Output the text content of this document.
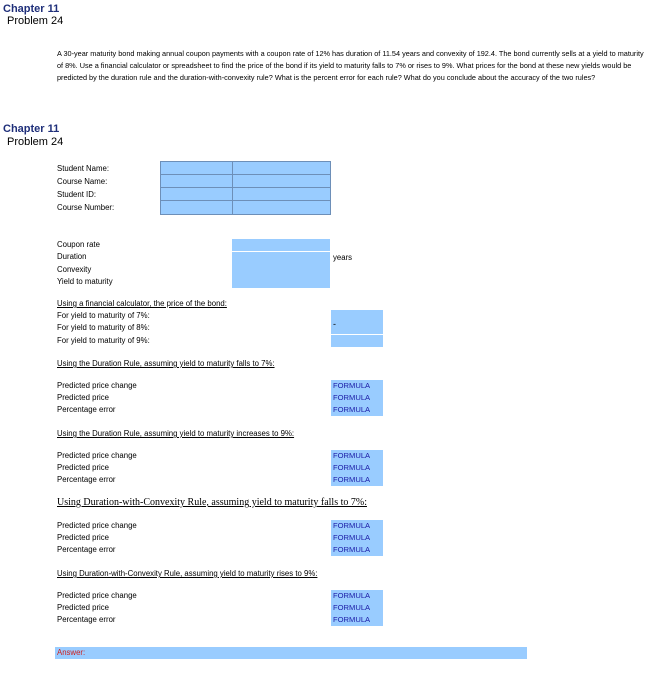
Chapter 11
Problem 24
A 30-year maturity bond making annual coupon payments with a coupon rate of 12% has duration of 11.54 years and convexity of 192.4. The bond currently sells at a yield to maturity of 8%. Use a financial calculator or spreadsheet to find the price of the bond if its yield to maturity falls to 7% or rises to 9%. What prices for the bond at these new yields would be predicted by the duration rule and the duration-with-convexity rule? What is the percent error for each rule? What do you conclude about the accuracy of the two rules?
Chapter 11
Problem 24
Student Name:
Course Name:
Student ID:
Course Number:
Coupon rate
Duration
Convexity
Yield to maturity
years
Using a financial calculator, the price of the bond:
For yield to maturity of 7%:
For yield to maturity of 8%:
For yield to maturity of 9%:
-
Using the Duration Rule, assuming yield to maturity falls to 7%:
Predicted price change
Predicted price
Percentage error
FORMULA
FORMULA
FORMULA
Using the Duration Rule, assuming yield to maturity increases to 9%:
Predicted price change
Predicted price
Percentage error
FORMULA
FORMULA
FORMULA
Using Duration-with-Convexity Rule, assuming yield to maturity falls to 7%:
Predicted price change
Predicted price
Percentage error
FORMULA
FORMULA
FORMULA
Using Duration-with-Convexity Rule, assuming yield to maturity rises to 9%:
Predicted price change
Predicted price
Percentage error
FORMULA
FORMULA
FORMULA
Answer:
